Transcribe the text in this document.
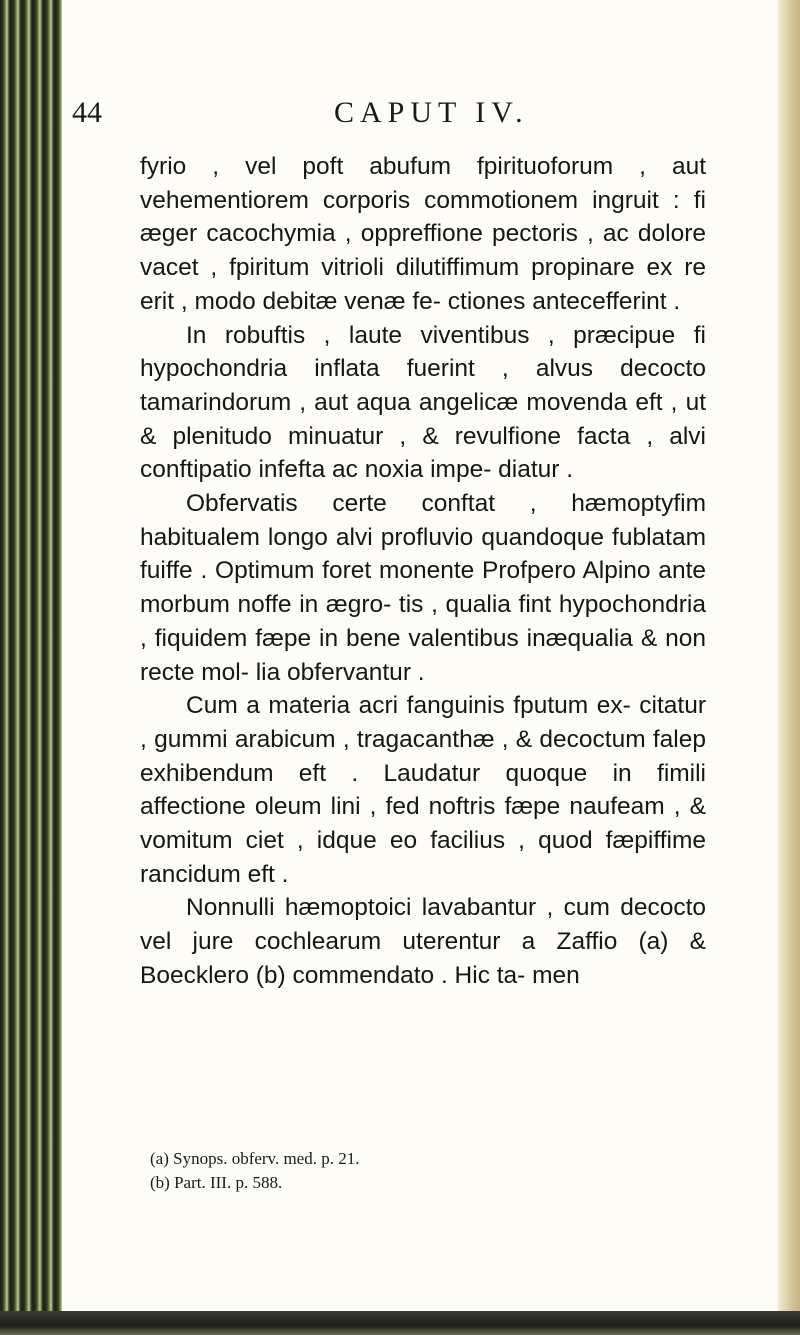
44	CAPUT IV.

fyrio , vel poft abufum fpirituoforum , aut vehementiorem corporis commotionem ingruit : fi æger cacochymia , oppreffione pectoris , ac dolore vacet , fpiritum vitrioli dilutiffimum propinare ex re erit , modo debitæ venæ fe- ctiones antecefferint .

In robuftis , laute viventibus , præcipue fi hypochondria inflata fuerint , alvus decocto tamarindorum , aut aqua angelicæ movenda eft , ut & plenitudo minuatur , & revulfione facta , alvi conftipatio infefta ac noxia impe- diatur .

Obfervatis certe conftat , hæmoptyfim habitualem longo alvi profluvio quandoque fublatam fuiffe . Optimum foret monente Profpero Alpino ante morbum noffe in ægro- tis , qualia fint hypochondria , fiquidem fæpe in bene valentibus inæqualia & non recte mol- lia obfervantur .

Cum a materia acri fanguinis fputum ex- citatur , gummi arabicum , tragacanthæ , & decoctum falep exhibendum eft . Laudatur quoque in fimili affectione oleum lini , fed noftris fæpe naufeam , & vomitum ciet , idque eo facilius , quod fæpiffime rancidum eft .

Nonnulli hæmoptoici lavabantur , cum decocto vel jure cochlearum uterentur a Zaffio (a) & Boecklero (b) commendato . Hic ta- men

(a) Synops. obferv. med. p. 21.

(b) Part. III. p. 588.
